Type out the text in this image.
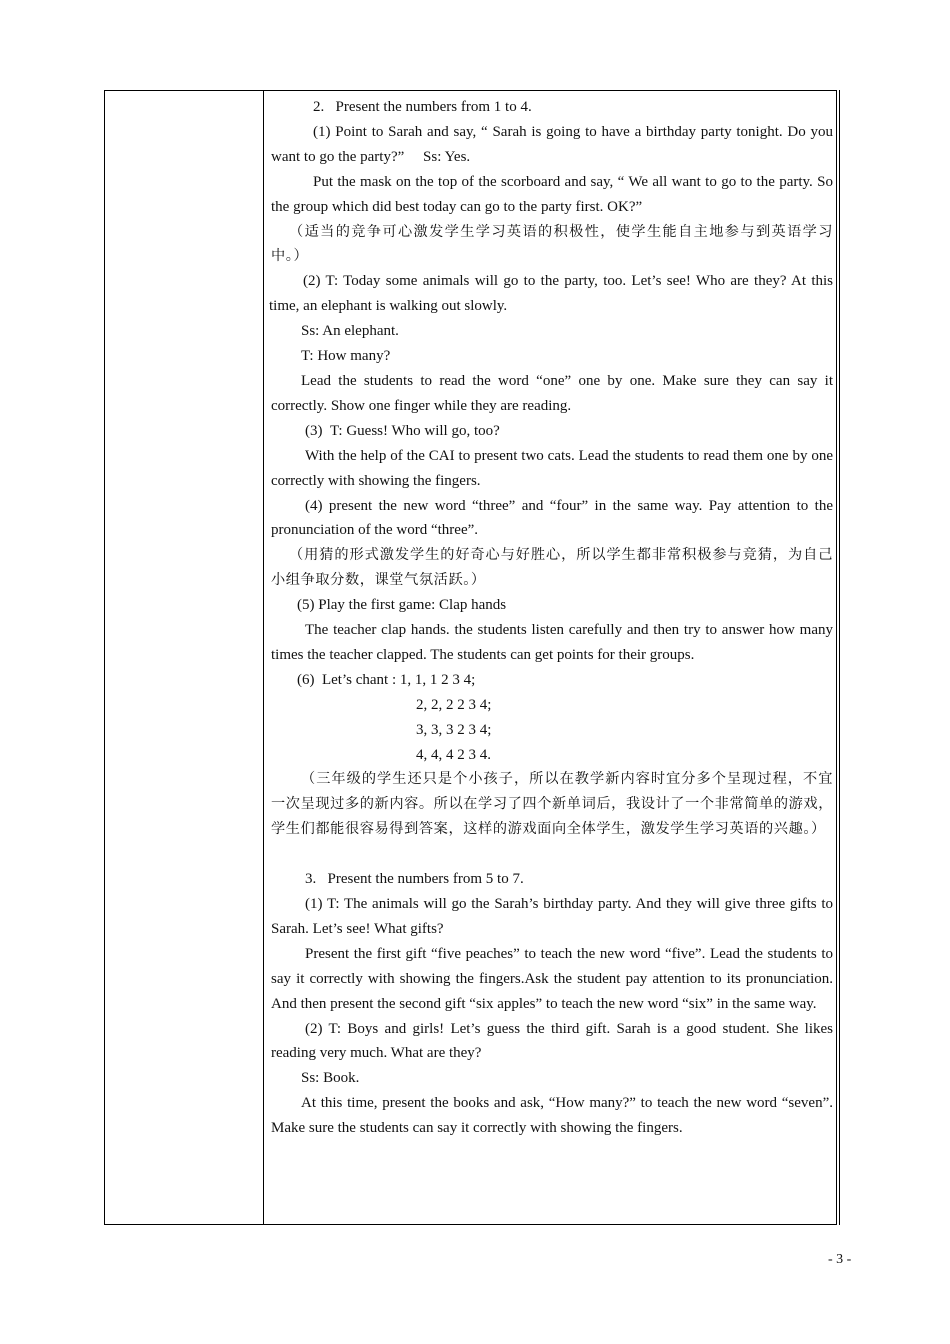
2.   Present the numbers from 1 to 4.

(1) Point to Sarah and say, “ Sarah is going to have a birthday party tonight. Do you want to go the party?”     Ss: Yes.

Put the mask on the top of the scorboard and say, “ We all want to go to the party. So the group which did best today can go to the party first. OK?”

（适当的竞争可心激发学生学习英语的积极性，使学生能自主地参与到英语学习中。）

(2) T: Today some animals will go to the party, too. Let’s see! Who are they? At this time, an elephant is walking out slowly.

Ss: An elephant.

T: How many?

Lead the students to read the word “one” one by one. Make sure they can say it correctly. Show one finger while they are reading.

(3)  T: Guess! Who will go, too?

With the help of the CAI to present two cats. Lead the students to read them one by one correctly with showing the fingers.

(4) present the new word “three” and “four” in the same way. Pay attention to the pronunciation of the word “three”.

（用猜的形式激发学生的好奇心与好胜心，所以学生都非常积极参与竞猜，为自己小组争取分数，课堂气氛活跃。）

(5) Play the first game: Clap hands

The teacher clap hands. the students listen carefully and then try to answer how many times the teacher clapped. The students can get points for their groups.

(6)  Let’s chant : 1, 1, 1 2 3 4;

2, 2, 2 2 3 4;

3, 3, 3 2 3 4;

4, 4, 4 2 3 4.

（三年级的学生还只是个小孩子，所以在教学新内容时宜分多个呈现过程，不宜一次呈现过多的新内容。所以在学习了四个新单词后，我设计了一个非常简单的游戏，学生们都能很容易得到答案，这样的游戏面向全体学生，激发学生学习英语的兴趣。）

3.   Present the numbers from 5 to 7.

(1) T: The animals will go the Sarah’s birthday party. And they will give three gifts to Sarah. Let’s see! What gifts?

Present the first gift “five peaches” to teach the new word “five”. Lead the students to say it correctly with showing the fingers.Ask the student pay attention to its pronunciation. And then present the second gift “six apples” to teach the new word “six” in the same way.

(2) T: Boys and girls! Let’s guess the third gift. Sarah is a good student. She likes reading very much. What are they?

Ss: Book.

At this time, present the books and ask, “How many?” to teach the new word “seven”. Make sure the students can say it correctly with showing the fingers.

- 3 -
